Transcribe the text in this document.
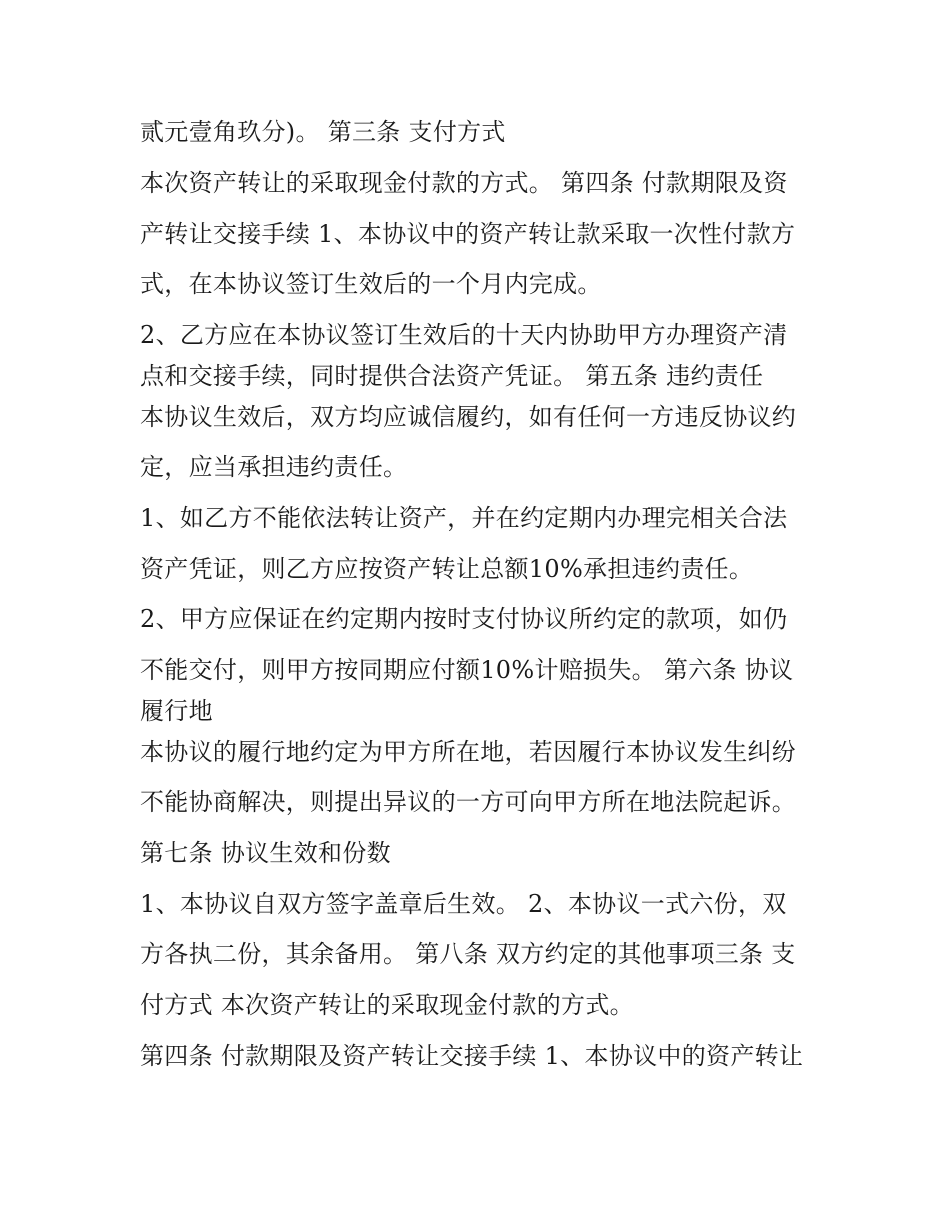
贰元壹角玖分)。 第三条 支付方式
本次资产转让的采取现金付款的方式。 第四条 付款期限及资
产转让交接手续 1、本协议中的资产转让款采取一次性付款方
式，在本协议签订生效后的一个月内完成。
2、乙方应在本协议签订生效后的十天内协助甲方办理资产清
点和交接手续，同时提供合法资产凭证。 第五条 违约责任
本协议生效后，双方均应诚信履约，如有任何一方违反协议约
定，应当承担违约责任。
1、如乙方不能依法转让资产，并在约定期内办理完相关合法
资产凭证，则乙方应按资产转让总额10%承担违约责任。
2、甲方应保证在约定期内按时支付协议所约定的款项，如仍
不能交付，则甲方按同期应付额10%计赔损失。 第六条 协议
履行地
本协议的履行地约定为甲方所在地，若因履行本协议发生纠纷
不能协商解决，则提出异议的一方可向甲方所在地法院起诉。
第七条 协议生效和份数
1、本协议自双方签字盖章后生效。 2、本协议一式六份，双
方各执二份，其余备用。 第八条 双方约定的其他事项三条 支
付方式 本次资产转让的采取现金付款的方式。
第四条 付款期限及资产转让交接手续 1、本协议中的资产转让
